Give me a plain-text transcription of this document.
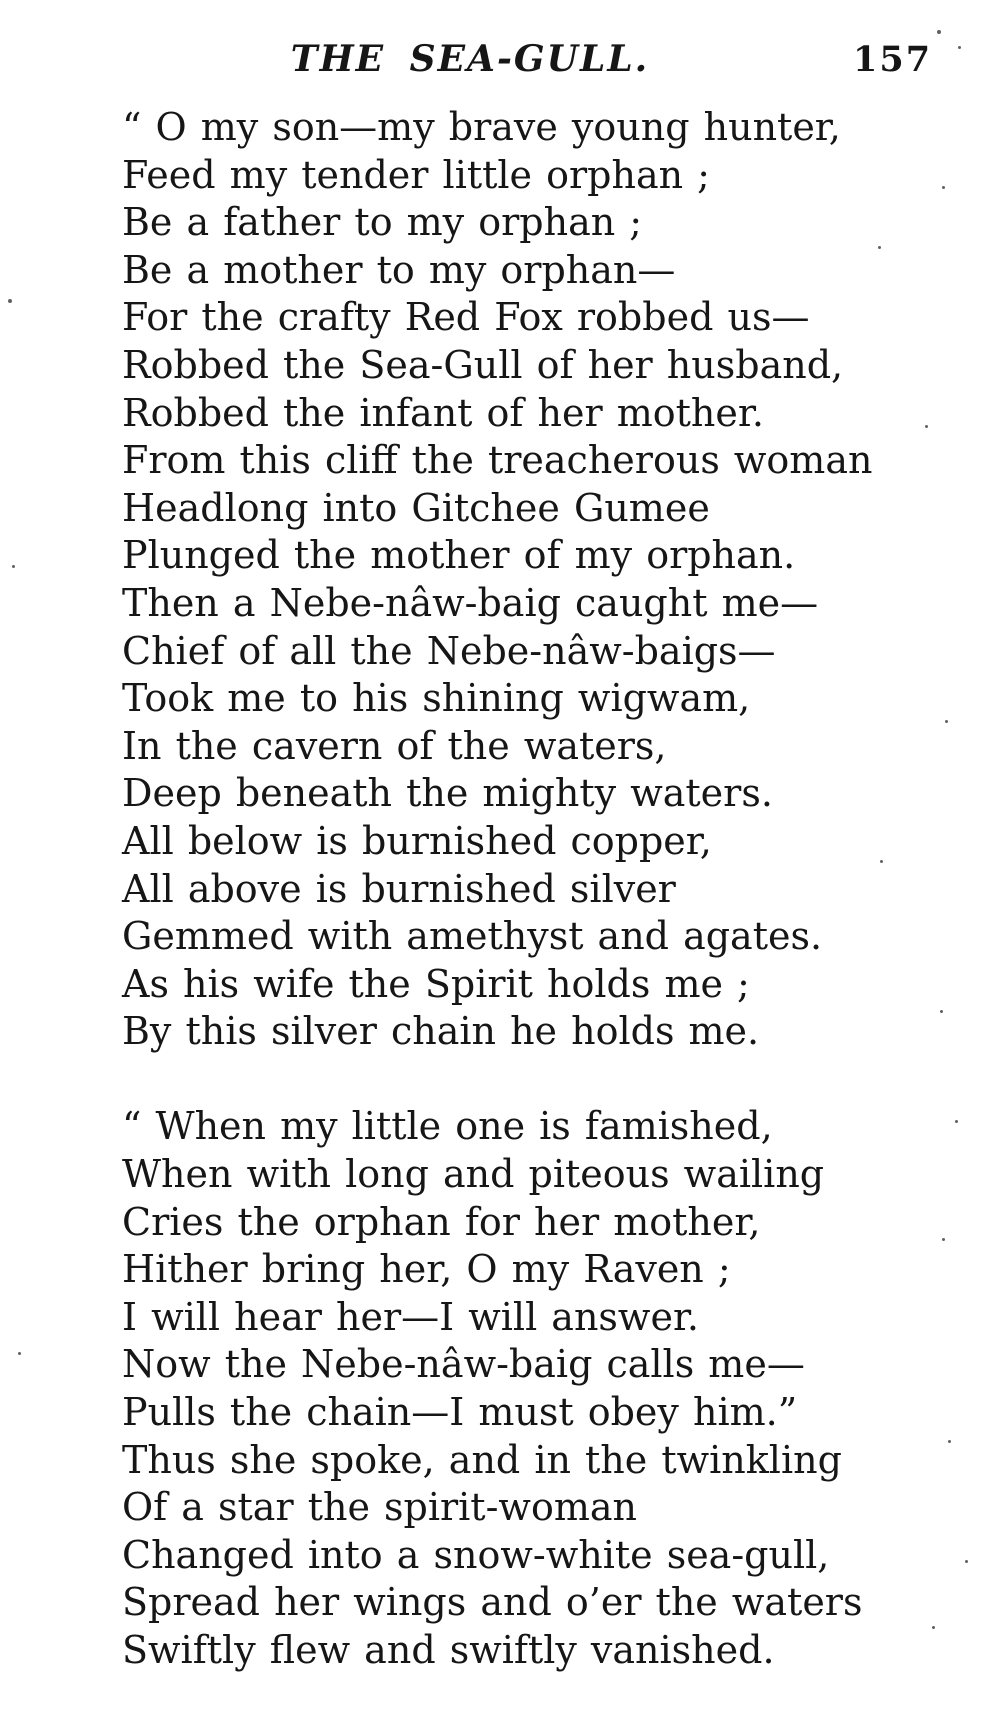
THE SEA-GULL.	157
“ O my son—my brave young hunter,
Feed my tender little orphan ;
Be a father to my orphan ;
Be a mother to my orphan—
For the crafty Red Fox robbed us—
Robbed the Sea-Gull of her husband,
Robbed the infant of her mother.
From this cliff the treacherous woman
Headlong into Gitchee Gumee
Plunged the mother of my orphan.
Then a Nebe-nâw-baig caught me—
Chief of all the Nebe-nâw-baigs—
Took me to his shining wigwam,
In the cavern of the waters,
Deep beneath the mighty waters.
All below is burnished copper,
All above is burnished silver
Gemmed with amethyst and agates.
As his wife the Spirit holds me ;
By this silver chain he holds me.
“ When my little one is famished,
When with long and piteous wailing
Cries the orphan for her mother,
Hither bring her, O my Raven ;
I will hear her—I will answer.
Now the Nebe-nâw-baig calls me—
Pulls the chain—I must obey him.”
Thus she spoke, and in the twinkling
Of a star the spirit-woman
Changed into a snow-white sea-gull,
Spread her wings and o’er the waters
Swiftly flew and swiftly vanished.
